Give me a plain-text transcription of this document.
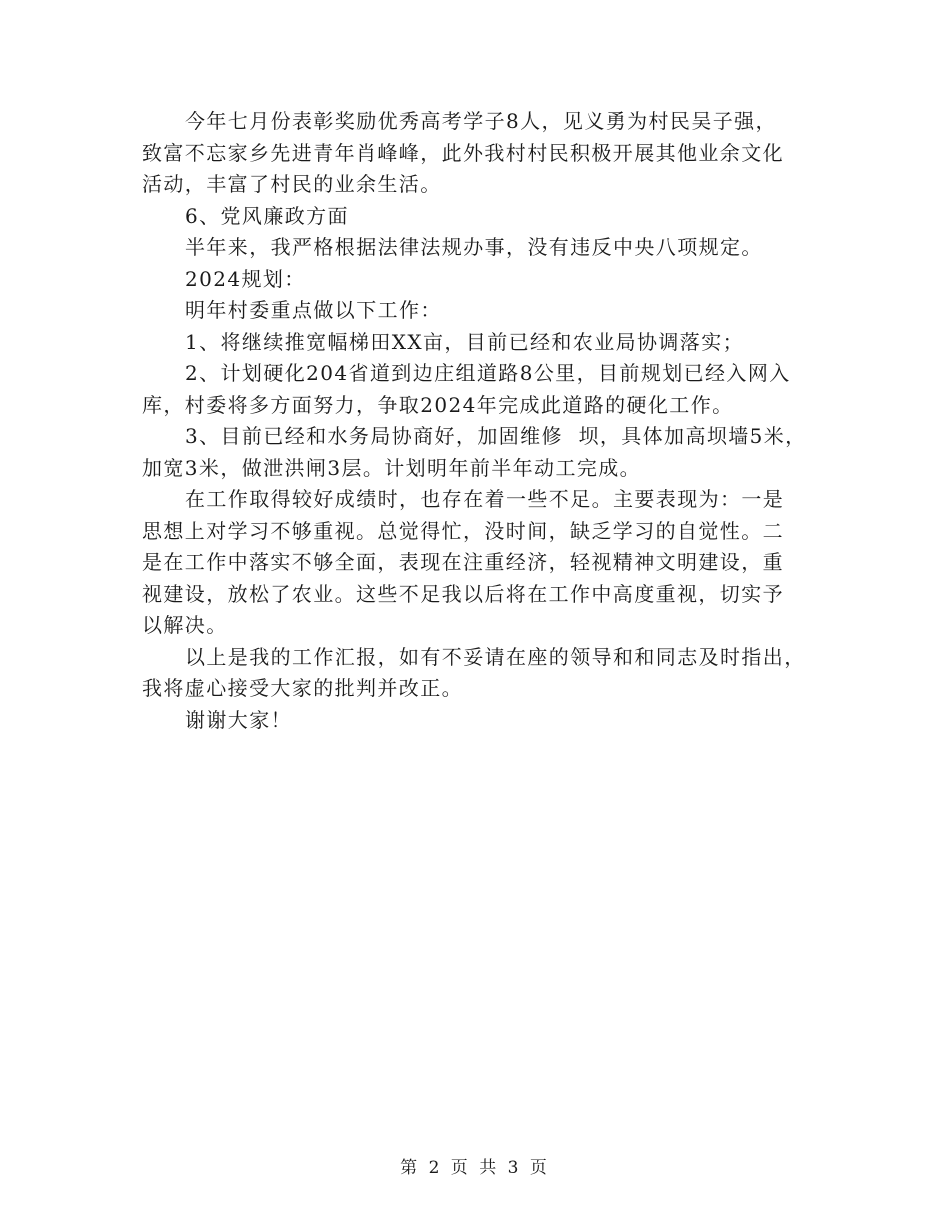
今年七月份表彰奖励优秀高考学子8人，见义勇为村民吴子强，
致富不忘家乡先进青年肖峰峰，此外我村村民积极开展其他业余文化
活动，丰富了村民的业余生活。
6、党风廉政方面
半年来，我严格根据法律法规办事，没有违反中央八项规定。
2024规划：
明年村委重点做以下工作：
1、将继续推宽幅梯田XX亩，目前已经和农业局协调落实；
2、计划硬化204省道到边庄组道路8公里，目前规划已经入网入
库，村委将多方面努力，争取2024年完成此道路的硬化工作。
3、目前已经和水务局协商好，加固维修  坝，具体加高坝墙5米，
加宽3米，做泄洪闸3层。计划明年前半年动工完成。
在工作取得较好成绩时，也存在着一些不足。主要表现为：一是
思想上对学习不够重视。总觉得忙，没时间，缺乏学习的自觉性。二
是在工作中落实不够全面，表现在注重经济，轻视精神文明建设，重
视建设，放松了农业。这些不足我以后将在工作中高度重视，切实予
以解决。
以上是我的工作汇报，如有不妥请在座的领导和和同志及时指出，
我将虚心接受大家的批判并改正。
谢谢大家！
第 2 页 共 3 页
